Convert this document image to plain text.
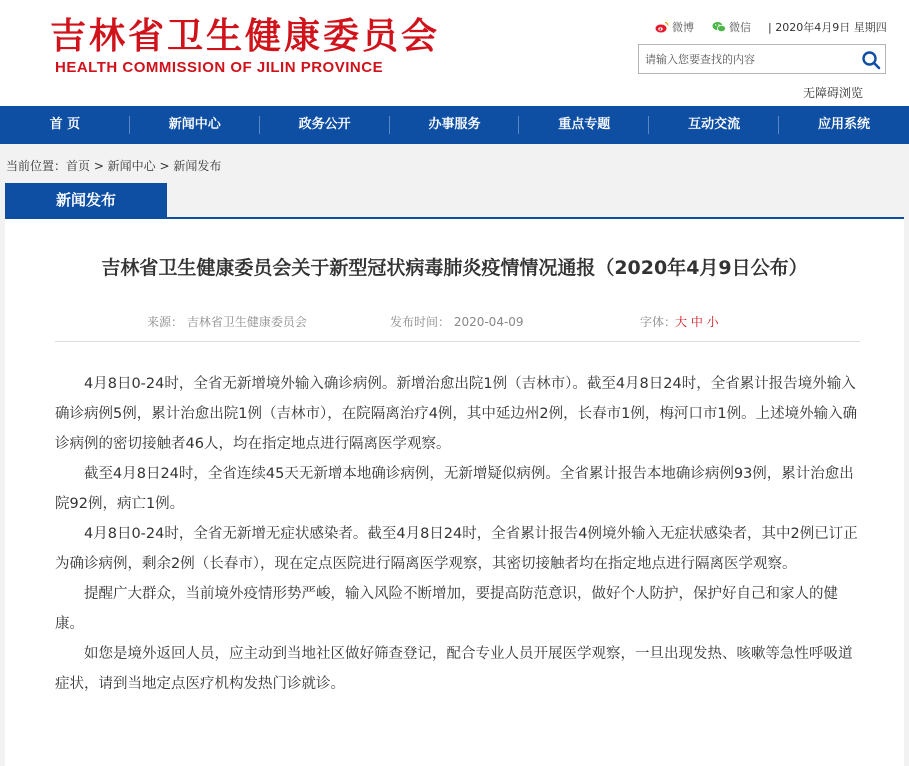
吉林省卫生健康委员会
HEALTH COMMISSION OF JILIN PROVINCE
微博	微信 | 2020年4月9日 星期四
请输入您要查找的内容
无障碍浏览
首 页	新闻中心	政务公开	办事服务	重点专题	互动交流	应用系统
当前位置：首页 > 新闻中心 > 新闻发布
新闻发布
吉林省卫生健康委员会关于新型冠状病毒肺炎疫情情况通报（2020年4月9日公布）
来源： 吉林省卫生健康委员会	发布时间： 2020-04-09	字体：
大 中 小

4月8日0-24时，全省无新增境外输入确诊病例。新增治愈出院1例（吉林市）。截至4月8日24时，全省累计报告境外输入确诊病例5例，累计治愈出院1例（吉林市），在院隔离治疗4例，其中延边州2例，长春市1例，梅河口市1例。上述境外输入确诊病例的密切接触者46人，均在指定地点进行隔离医学观察。

截至4月8日24时，全省连续45天无新增本地确诊病例，无新增疑似病例。全省累计报告本地确诊病例93例，累计治愈出院92例，病亡1例。

4月8日0-24时，全省无新增无症状感染者。截至4月8日24时，全省累计报告4例境外输入无症状感染者，其中2例已订正为确诊病例，剩余2例（长春市），现在定点医院进行隔离医学观察，其密切接触者均在指定地点进行隔离医学观察。

提醒广大群众，当前境外疫情形势严峻，输入风险不断增加，要提高防范意识，做好个人防护，保护好自己和家人的健康。

如您是境外返回人员，应主动到当地社区做好筛查登记，配合专业人员开展医学观察，一旦出现发热、咳嗽等急性呼吸道症状，请到当地定点医疗机构发热门诊就诊。
